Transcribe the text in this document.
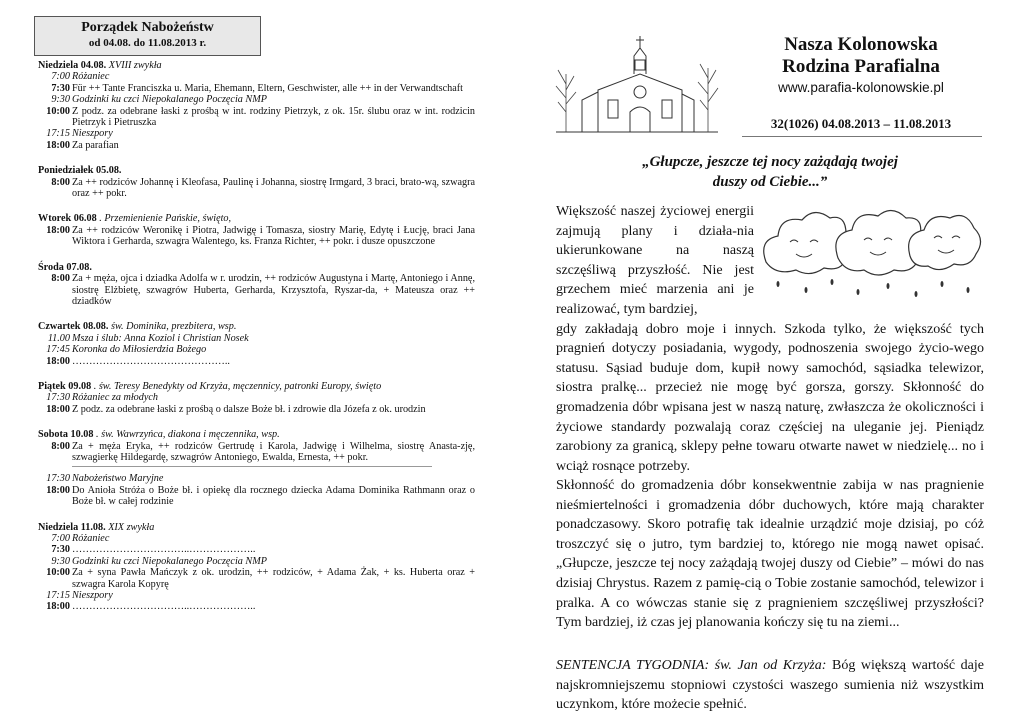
Porządek Nabożeństw
od 04.08. do 11.08.2013 r.
Niedziela 04.08. XVIII zwykła
7:00 Różaniec
7:30 Für ++ Tante Franciszka u. Maria, Ehemann, Eltern, Geschwister, alle ++ in der Verwandtschaft
9:30 Godzinki ku czci Niepokalanego Poczęcia NMP
10:00 Z podz. za odebrane łaski z prośbą w int. rodziny Pietrzyk, z ok. 15r. ślubu oraz w int. rodzicin Pietrzyk i Pietruszka
17:15 Nieszpory
18:00 Za parafian
Poniedziałek 05.08.
8:00 Za ++ rodziców Johannę i Kleofasa, Paulinę i Johanna, siostrę Irmgard, 3 braci, brato-wą, szwagra oraz ++ pokr.
Wtorek 06.08 . Przemienienie Pańskie, święto,
18:00 Za ++ rodziców Weronikę i Piotra, Jadwigę i Tomasza, siostry Marię, Edytę i Łucję, braci Jana Wiktora i Gerharda, szwagra Walentego, ks. Franza Richter, ++ pokr. i dusze opuszczone
Środa 07.08.
8:00 Za + męża, ojca i dziadka Adolfa w r. urodzin, ++ rodziców Augustyna i Martę, Antoniego i Annę, siostrę Elżbietę, szwagrów Huberta, Gerharda, Krzysztofa, Ryszar-da, + Mateusza oraz ++ dziadków
Czwartek 08.08. św. Dominika, prezbitera, wsp.
11.00 Msza i ślub: Anna Koziol i Christian Nosek
17:45 Koronka do Miłosierdzia Bożego
18:00 ………………………………………..
Piątek 09.08 . św. Teresy Benedykty od Krzyża, męczennicy, patronki Europy, święto
17:30 Różaniec za młodych
18:00 Z podz. za odebrane łaski z prośbą o dalsze Boże bł. i zdrowie dla Józefa z ok. urodzin
Sobota 10.08 . św. Wawrzyńca, diakona i męczennika, wsp.
8:00 Za + męża Eryka, ++ rodziców Gertrudę i Karola, Jadwigę i Wilhelma, siostrę Anasta-zję, szwagierkę Hildegardę, szwagrów Antoniego, Ewalda, Ernesta, ++ pokr.
17:30 Nabożeństwo Maryjne
18:00 Do Anioła Stróża o Boże bł. i opiekę dla rocznego dziecka Adama Dominika Rathmann oraz o Boże bł. w całej rodzinie
Niedziela 11.08. XIX zwykła
7:00 Różaniec
7:30 ……………………………..………………..
9:30 Godzinki ku czci Niepokalanego Poczęcia NMP
10:00 Za + syna Pawła Mańczyk z ok. urodzin, ++ rodziców, + Adama Żak, + ks. Huberta oraz + szwagra Karola Kopyrę
17:15 Nieszpory
18:00 ……………………………..………………..
Nasza Kolonowska
Rodzina Parafialna
www.parafia-kolonowskie.pl
32(1026) 04.08.2013 – 11.08.2013
„Głupcze, jeszcze tej nocy zażądają twojej
duszy od Ciebie...”
Większość naszej życiowej energii zajmują plany i działa-nia ukierunkowane na naszą szczęśliwą przyszłość. Nie jest grzechem mieć marzenia ani je realizować, tym bardziej,
gdy zakładają dobro moje i innych. Szkoda tylko, że większość tych pragnień dotyczy posiadania, wygody, podnoszenia swojego życio-wego statusu. Sąsiad buduje dom, kupił nowy samochód, sąsiadka telewizor, siostra pralkę... przecież nie mogę być gorsza, gorszy. Skłonność do gromadzenia dóbr wpisana jest w naszą naturę, zwłaszcza że okoliczności i życiowe standardy pozwalają coraz częściej na uleganie jej. Pieniądz zarobiony za granicą, sklepy pełne towaru otwarte nawet w niedzielę... no i wciąż rosnące potrzeby.
Skłonność do gromadzenia dóbr konsekwentnie zabija w nas pragnienie nieśmiertelności i gromadzenia dóbr duchowych, które mają charakter ponadczasowy. Skoro potrafię tak idealnie urządzić moje dzisiaj, po cóż troszczyć się o jutro, tym bardziej to, którego nie mogą nawet opisać. „Głupcze, jeszcze tej nocy zażądają twojej duszy od Ciebie” – mówi do nas dzisiaj Chrystus. Razem z pamię-cią o Tobie zostanie samochód, telewizor i pralka. A co wówczas stanie się z pragnieniem szczęśliwej przyszłości? Tym bardziej, iż czas jej planowania kończy się tu na ziemi...
SENTENCJA TYGODNIA: św. Jan od Krzyża: Bóg większą wartość daje najskromniejszemu stopniowi czystości waszego sumienia niż wszystkim uczynkom, które możecie spełnić.
